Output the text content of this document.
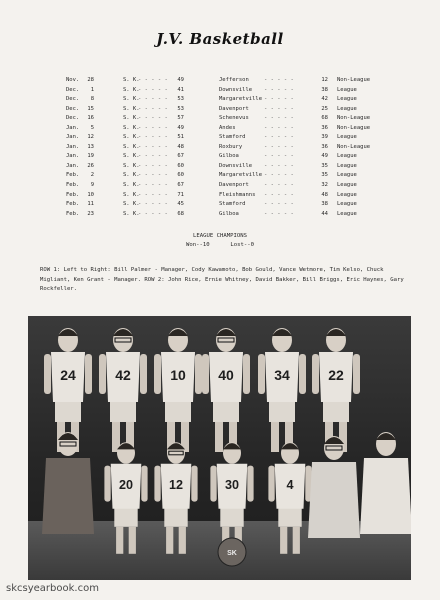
J.V. Basketball
Nov.	28	S. K.	49	Jefferson	12 Non-League
- - - - -	- - - - -
Dec.	1	S. K.	41	Downsville	38 League
- - - - -	- - - - -
Dec.	8	S. K.	53	Margaretville	42 League
- - - - -	- - - - -
Dec.	15	S. K.	53	Davenport	25 League
- - - - -	- - - - -
Dec.	16	S. K.	57	Schenevus	68 Non-League
- - - - -	- - - - -
Jan.	5	S. K.	49	Andes	36 Non-League
- - - - -	- - - - -
Jan.	12	S. K.	51	Stamford	39 League
- - - - -	- - - - -
Jan.	13	S. K.	48	Roxbury	36 Non-League
- - - - -	- - - - -
Jan.	19	S. K.	67	Gilboa	49 League
- - - - -	- - - - -
Jan.	26	S. K.	60	Downsville	35 League
- - - - -	- - - - -
Feb.	2	S. K.	60	Margaretville	35 League
- - - - -	- - - - -
Feb.	9	S. K.	67	Davenport	32 League
- - - - -	- - - - -
Feb.	10	S. K.	71	Fleishmanns	48 League
- - - - -	- - - - -
Feb.	11	S. K.	45	Stamford	38 League
- - - - -	- - - - -
Feb.	23	S. K.	68	Gilboa	44 League
- - - - -	- - - - -
LEAGUE CHAMPIONS
Won--10	Lost--0
ROW 1: Left to Right: Bill Palmer - Manager, Cody Kawamoto, Bob Gould, Vance Wetmore, Tim Kelso, Chuck Migliant, Ken Grant - Manager. ROW 2: John Rice, Ernie Whitney, David Bakker, Bill Briggs, Eric Haynes, Gary Rockfeller.
24	42	10 40	34	22
20	12	30	4
SK
skcsyearbook.com
